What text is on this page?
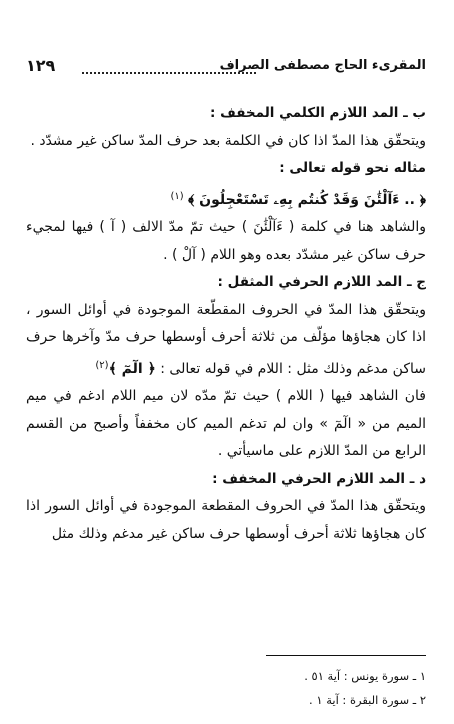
المقرىء الحاج مصطفى الصراف
١٢٩

ب ـ المد اللازم الكلمي المخفف :

ويتحقّق هذا المدّ اذا كان في الكلمة بعد حرف المدّ ساكن غير مشدّد .

مثاله نحو قوله تعالى :

﴿ .. ءَآلْئَٰنَ وَقَدْ كُنتُم بِهِۦ تَسْتَعْجِلُونَ ﴾ $^{(١)}$

والشاهد هنا في كلمة ( ءَآلْئَٰنَ ) حيث تمّ مدّ الالف ( آ ) فيها لمجيء حرف ساكن غير مشدّد بعده وهو اللام ( آلْ ) .

ج ـ المد اللازم الحرفي المثقل :

ويتحقّق هذا المدّ في الحروف المقطّعة الموجودة في أوائل السور ، اذا كان هجاؤها مؤلّف من ثلاثة أحرف أوسطها حرف مدّ وآخرها حرف ساكن مدغم وذلك مثل : اللام في قوله تعالى : ﴿ الٓمٓ ﴾$^{(٢)}$

فان الشاهد فيها ( اللام ) حيث تمّ مدّه لان ميم اللام ادغم في ميم الميم من « الٓمٓ » وان لم تدغم الميم كان مخففاً وأصبح من القسم الرابع من المدّ اللازم على ماسيأتي .

د ـ المد اللازم الحرفي المخفف :

ويتحقّق هذا المدّ في الحروف المقطعة الموجودة في أوائل السور اذا كان هجاؤها ثلاثة أحرف أوسطها حرف ساكن غير مدغم وذلك مثل

١ ـ سورة يونس : آية ٥١ .

٢ ـ سورة البقرة : آية ١ .
